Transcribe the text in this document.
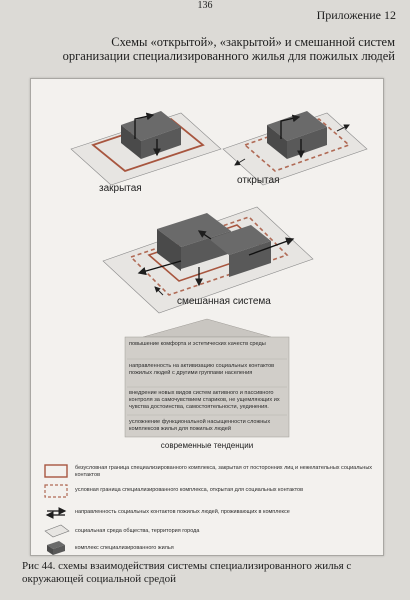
136
Приложение 12
Схемы «открытой», «закрытой» и смешанной систем
организации специализированного жилья для пожилых людей
закрытая
открытая
смешанная система
повышение комфорта и эстетических качеств среды
направленность на активизацию социальных контактов пожилых людей с другими группами населения
внедрение новых видов систем активного и пассивного контроля за самочувствием стариков, не ущемляющих их чувства достоинства, самостоятельности, уединения.
усложнение функциональной насыщенности сложных комплексов жилья для пожилых людей
современные тенденции
безусловная граница специализированного комплекса, закрытая от посторонних лиц и нежелательных социальных контактов
условная граница специализированного комплекса, открытая для социальных контактов
направленность социальных контактов пожилых людей, проживающих в комплексе
социальная среда общества, территория города
комплекс специализированного жилья
Рис 44. схемы взаимодействия системы специализированного жилья с окружающей социальной средой
